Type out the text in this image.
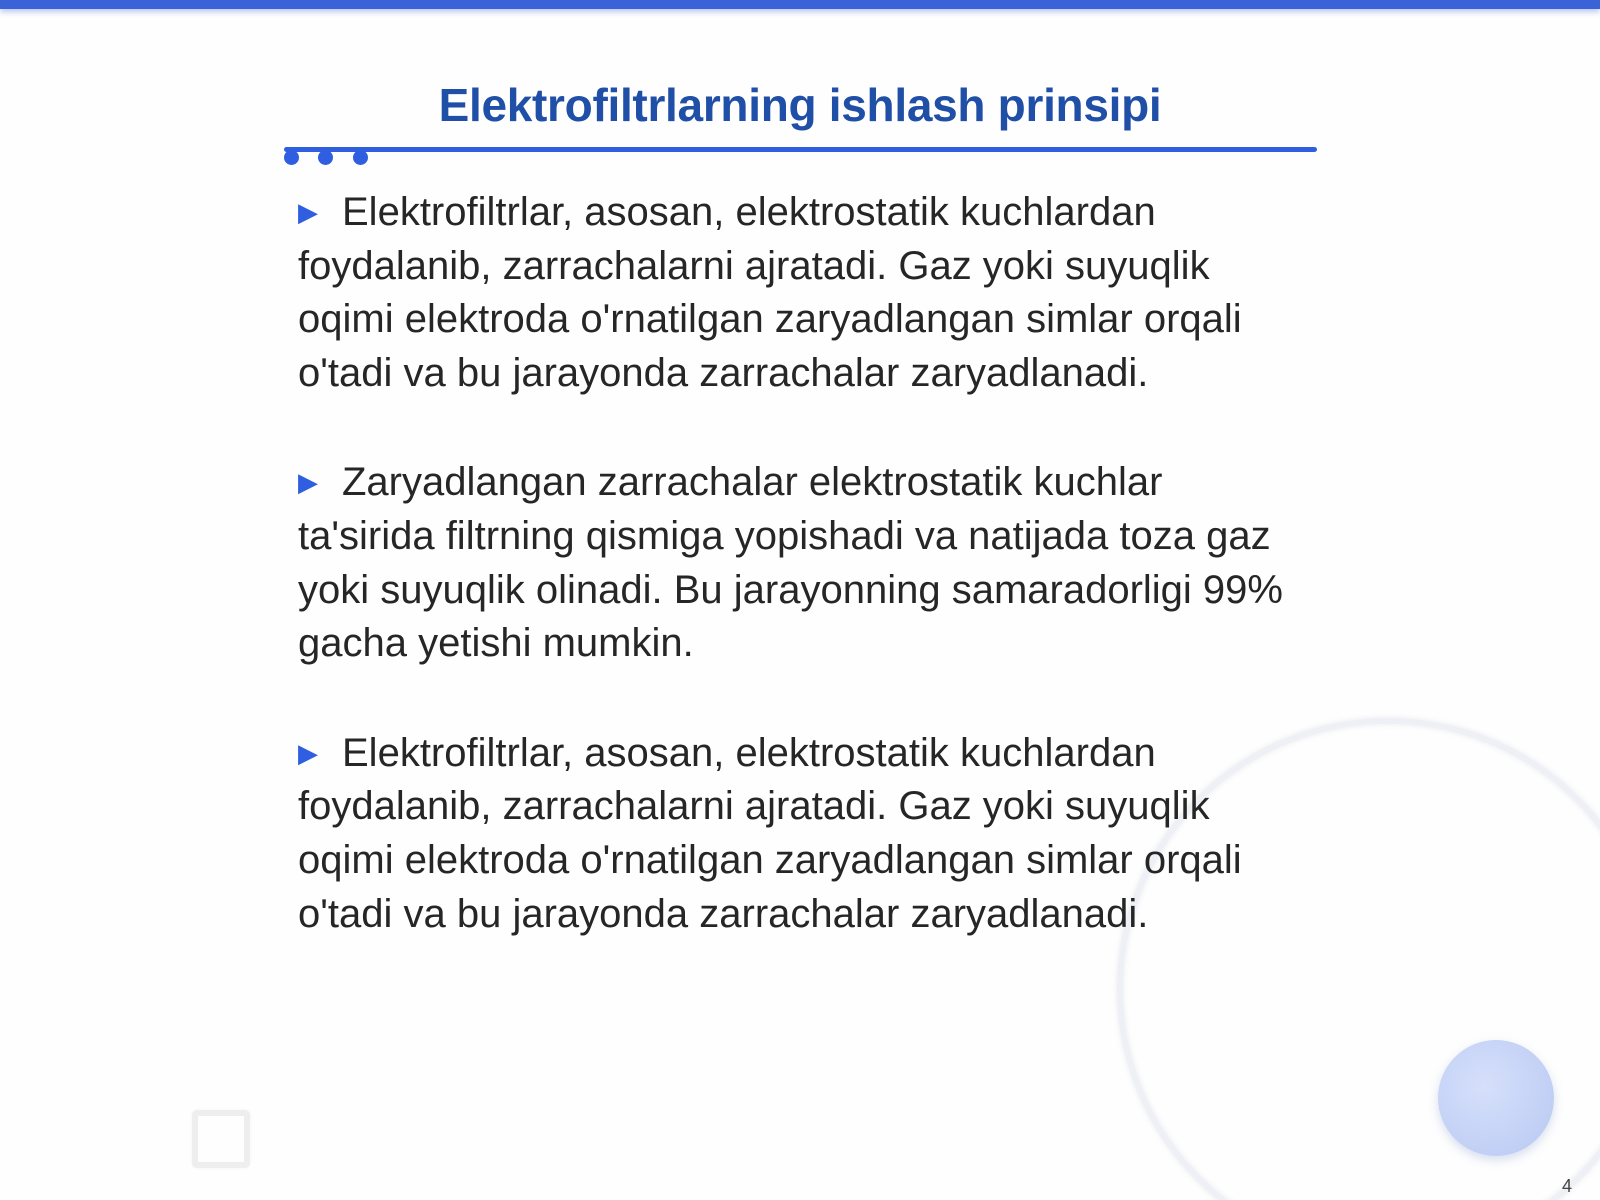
Elektrofiltrlarning ishlash prinsipi

▶ Elektrofiltrlar, asosan, elektrostatik kuchlardan foydalanib, zarrachalarni ajratadi. Gaz yoki suyuqlik oqimi elektroda o'rnatilgan zaryadlangan simlar orqali o'tadi va bu jarayonda zarrachalar zaryadlanadi.

▶ Zaryadlangan zarrachalar elektrostatik kuchlar ta'sirida filtrning qismiga yopishadi va natijada toza gaz yoki suyuqlik olinadi. Bu jarayonning samaradorligi 99% gacha yetishi mumkin.

▶ Elektrofiltrlar, asosan, elektrostatik kuchlardan foydalanib, zarrachalarni ajratadi. Gaz yoki suyuqlik oqimi elektroda o'rnatilgan zaryadlangan simlar orqali o'tadi va bu jarayonda zarrachalar zaryadlanadi.

4
